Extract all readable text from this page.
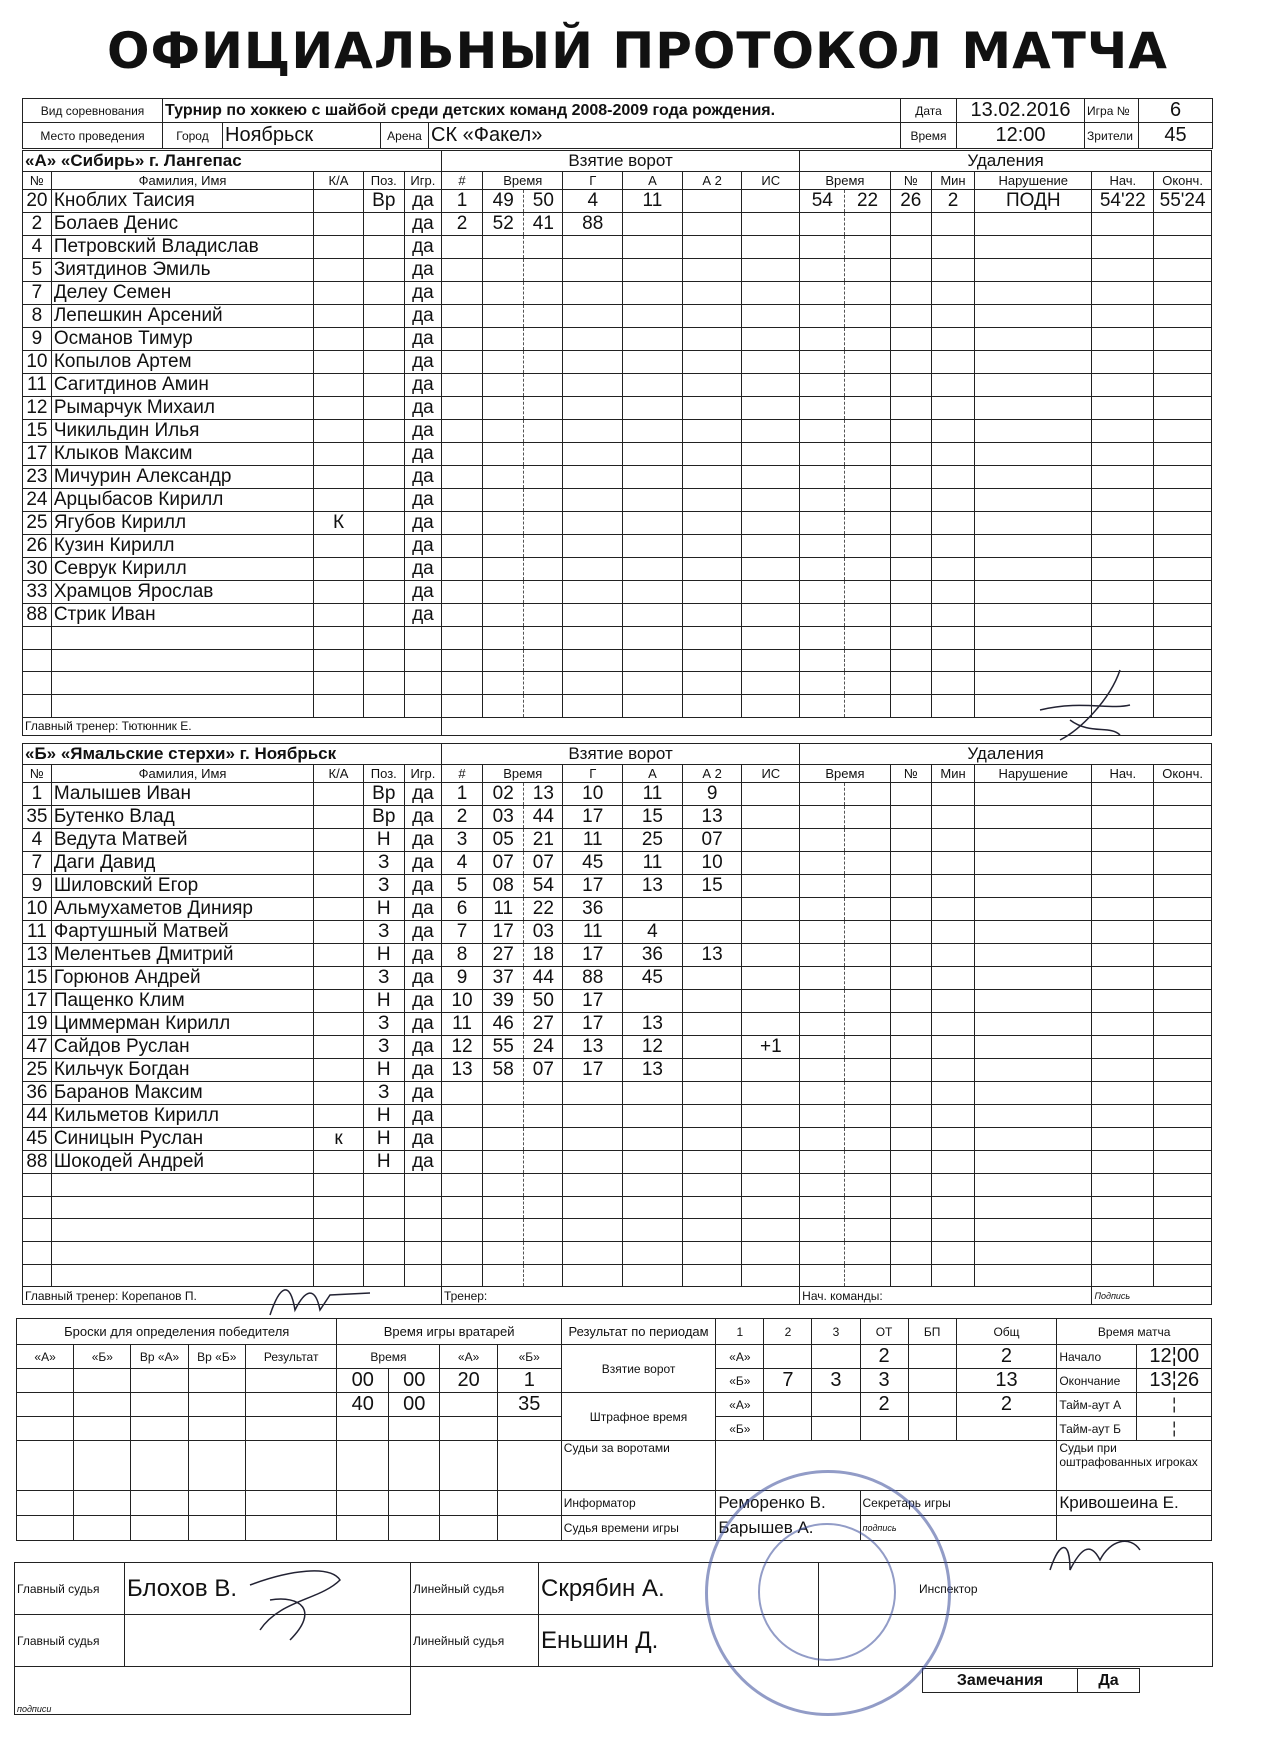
ОФИЦИАЛЬНЫЙ ПРОТОКОЛ МАТЧА
Вид соревнования	Турнир по хоккею с шайбой среди детских команд 2008-2009 года рождения.				Дата	13.02.2016	Игра №	6
Место проведения	Город	Ноябрьск	Арена	СК «Факел»	Время	12:00	Зрители	45
«А» «Сибирь» г. Лангепас					Взятие ворот							Удаления						
№	Фамилия, Имя	К/А	Поз.	Игр.	#	Время		Г	А	А 2	ИС	Время		№	Мин	Нарушение	Нач.	Оконч.
20	Кноблих Таисия		Вр	да	1	49	50	4	11			54	22	26	2	ПОДН	54'22	55'24
2	Болаев Денис			да	2	52	41	88										
4	Петровский Владислав			да														
5	Зиятдинов Эмиль			да														
7	Делеу Семен			да														
8	Лепешкин Арсений			да														
9	Османов Тимур			да														
10	Копылов Артем			да														
11	Сагитдинов Амин			да														
12	Рымарчук Михаил			да														
15	Чикильдин Илья			да														
17	Клыков Максим			да														
23	Мичурин Александр			да														
24	Арцыбасов Кирилл			да														
25	Ягубов Кирилл	К		да														
26	Кузин Кирилл			да														
30	Севрук Кирилл			да														
33	Храмцов Ярослав			да														
88	Стрик Иван			да														

Главный тренер: Тютюнник Е.																		
«Б» «Ямальские стерхи» г. Ноябрьск					Взятие ворот							Удаления						
№	Фамилия, Имя	К/А	Поз.	Игр.	#	Время		Г	А	А 2	ИС	Время		№	Мин	Нарушение	Нач.	Оконч.
1	Малышев Иван		Вр	да	1	02	13	10	11	9								
35	Бутенко Влад		Вр	да	2	03	44	17	15	13								
4	Ведута Матвей		Н	да	3	05	21	11	25	07								
7	Даги Давид		З	да	4	07	07	45	11	10								
9	Шиловский Егор		З	да	5	08	54	17	13	15								
10	Альмухаметов Динияр		Н	да	6	11	22	36										
11	Фартушный Матвей		З	да	7	17	03	11	4									
13	Мелентьев Дмитрий		Н	да	8	27	18	17	36	13								
15	Горюнов Андрей		З	да	9	37	44	88	45									
17	Пащенко Клим		Н	да	10	39	50	17										
19	Циммерман Кирилл		З	да	11	46	27	17	13									
47	Сайдов Руслан		З	да	12	55	24	13	12		+1							
25	Кильчук Богдан		Н	да	13	58	07	17	13									
36	Баранов Максим		З	да														
44	Кильметов Кирилл		Н	да														
45	Синицын Руслан	к	Н	да														
88	Шокодей Андрей		Н	да														

Главный тренер: Корепанов П.					Тренер:							Нач. команды:					Подпись	
Броски для определения победителя					Время игры вратарей				Результат по периодам	1	2	3	ОТ	БП	Общ	Время матча	
«А»	«Б»	Вр «А»	Вр «Б»	Результат	Время		«А»	«Б»	Взятие ворот	«А»			2		2	Начало	12¦00
					00	00	20	1		«Б»	7	3	3		13	Окончание	13¦26
					40	00		35	Штрафное время	«А»			2		2	Тайм-аут А	¦
										«Б»						Тайм-аут Б	¦
									Судьи за воротами							Судьи при оштрафованных игроках	
									Информатор	Реморенко В.			Секретарь игры			Кривошеина Е.	
									Судья времени игры	Барышев А.			подпись				
Главный судья	Блохов В.	Линейный судья	Скрябин А.	Инспектор
Главный судья		Линейный судья	Еньшин Д.	
подписи				
Замечания	Да
